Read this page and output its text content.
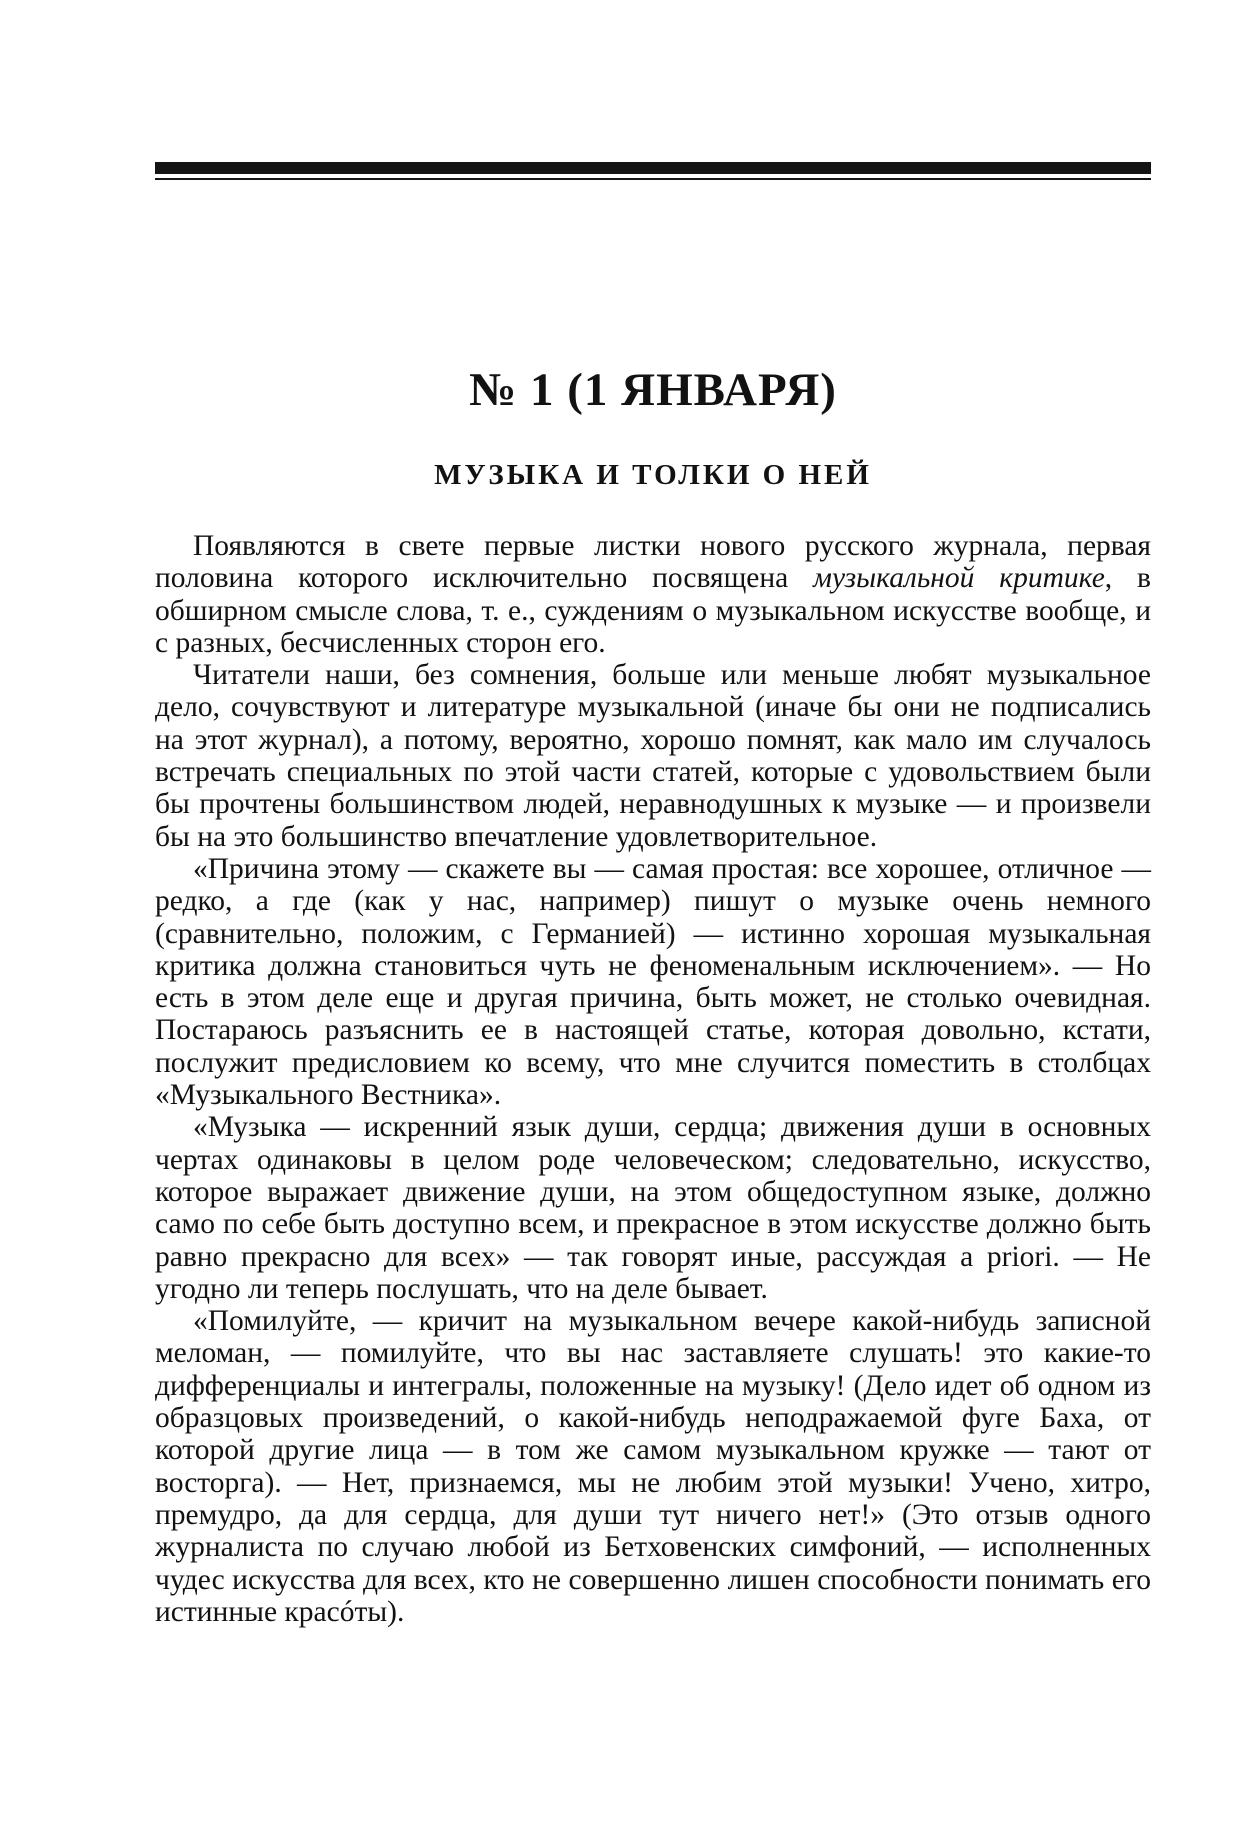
№ 1 (1 ЯНВАРЯ)
МУЗЫКА И ТОЛКИ О НЕЙ

Появляются в свете первые листки нового русского журнала, первая половина которого исключительно посвящена музыкальной критике, в обширном смысле слова, т. е., суждениям о музыкальном искусстве вообще, и с разных, бесчисленных сторон его.

Читатели наши, без сомнения, больше или меньше любят музыкальное дело, сочувствуют и литературе музыкальной (иначе бы они не подписались на этот журнал), а потому, вероятно, хорошо помнят, как мало им случалось встречать специальных по этой части статей, которые с удовольствием были бы прочтены большинством людей, неравнодушных к музыке — и произвели бы на это большинство впечатление удовлетворительное.

«Причина этому — скажете вы — самая простая: все хорошее, отличное — редко, а где (как у нас, например) пишут о музыке очень немного (сравнительно, положим, с Германией) — истинно хорошая музыкальная критика должна становиться чуть не феноменальным исключением». — Но есть в этом деле еще и другая причина, быть может, не столько очевидная. Постараюсь разъяснить ее в настоящей статье, которая довольно, кстати, послужит предисловием ко всему, что мне случится поместить в столбцах «Музыкального Вестника».

«Музыка — искренний язык души, сердца; движения души в основных чертах одинаковы в целом роде человеческом; следовательно, искусство, которое выражает движение души, на этом общедоступном языке, должно само по себе быть доступно всем, и прекрасное в этом искусстве должно быть равно прекрасно для всех» — так говорят иные, рассуждая a priori. — Не угодно ли теперь послушать, что на деле бывает.

«Помилуйте, — кричит на музыкальном вечере какой-нибудь записной меломан, — помилуйте, что вы нас заставляете слушать! это какие-то дифференциалы и интегралы, положенные на музыку! (Дело идет об одном из образцовых произведений, о какой-нибудь неподражаемой фуге Баха, от которой другие лица — в том же самом музыкальном кружке — тают от восторга). — Нет, признаемся, мы не любим этой музыки! Учено, хитро, премудро, да для сердца, для души тут ничего нет!» (Это отзыв одного журналиста по случаю любой из Бетховенских симфоний, — исполненных чудес искусства для всех, кто не совершенно лишен способности понимать его истинные красóты).
